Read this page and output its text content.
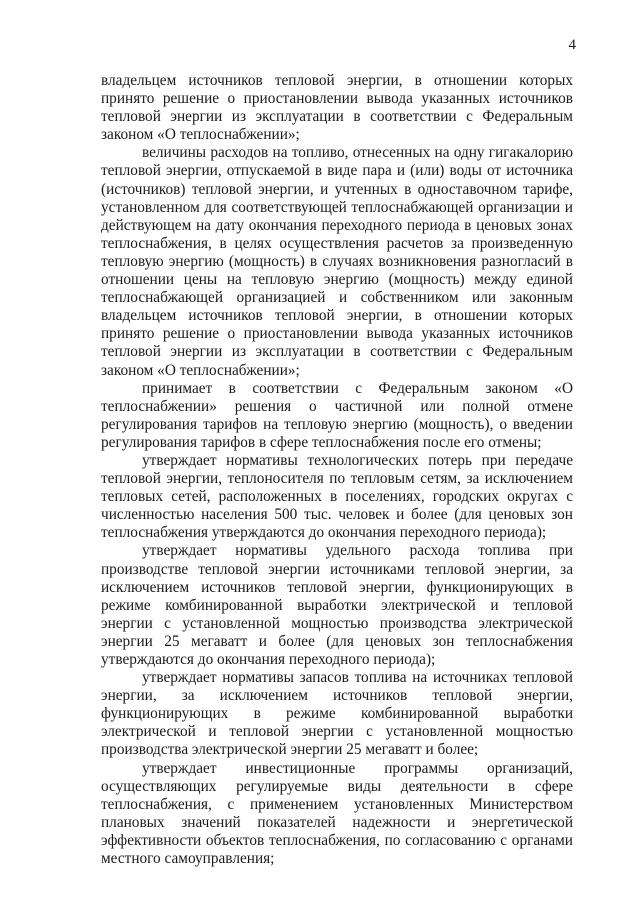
4

владельцем источников тепловой энергии, в отношении которых принято решение о приостановлении вывода указанных источников тепловой энергии из эксплуатации в соответствии с Федеральным законом «О теплоснабжении»;

величины расходов на топливо, отнесенных на одну гигакалорию тепловой энергии, отпускаемой в виде пара и (или) воды от источника (источников) тепловой энергии, и учтенных в одноставочном тарифе, установленном для соответствующей теплоснабжающей организации и действующем на дату окончания переходного периода в ценовых зонах теплоснабжения, в целях осуществления расчетов за произведенную тепловую энергию (мощность) в случаях возникновения разногласий в отношении цены на тепловую энергию (мощность) между единой теплоснабжающей организацией и собственником или законным владельцем источников тепловой энергии, в отношении которых принято решение о приостановлении вывода указанных источников тепловой энергии из эксплуатации в соответствии с Федеральным законом «О теплоснабжении»;

принимает в соответствии с Федеральным законом «О теплоснабжении» решения о частичной или полной отмене регулирования тарифов на тепловую энергию (мощность), о введении регулирования тарифов в сфере теплоснабжения после его отмены;

утверждает нормативы технологических потерь при передаче тепловой энергии, теплоносителя по тепловым сетям, за исключением тепловых сетей, расположенных в поселениях, городских округах с численностью населения 500 тыс. человек и более (для ценовых зон теплоснабжения утверждаются до окончания переходного периода);

утверждает нормативы удельного расхода топлива при производстве тепловой энергии источниками тепловой энергии, за исключением источников тепловой энергии, функционирующих в режиме комбинированной выработки электрической и тепловой энергии с установленной мощностью производства электрической энергии 25 мегаватт и более (для ценовых зон теплоснабжения утверждаются до окончания переходного периода);

утверждает нормативы запасов топлива на источниках тепловой энергии, за исключением источников тепловой энергии, функционирующих в режиме комбинированной выработки электрической и тепловой энергии с установленной мощностью производства электрической энергии 25 мегаватт и более;

утверждает инвестиционные программы организаций, осуществляющих регулируемые виды деятельности в сфере теплоснабжения, с применением установленных Министерством плановых значений показателей надежности и энергетической эффективности объектов теплоснабжения, по согласованию с органами местного самоуправления;
